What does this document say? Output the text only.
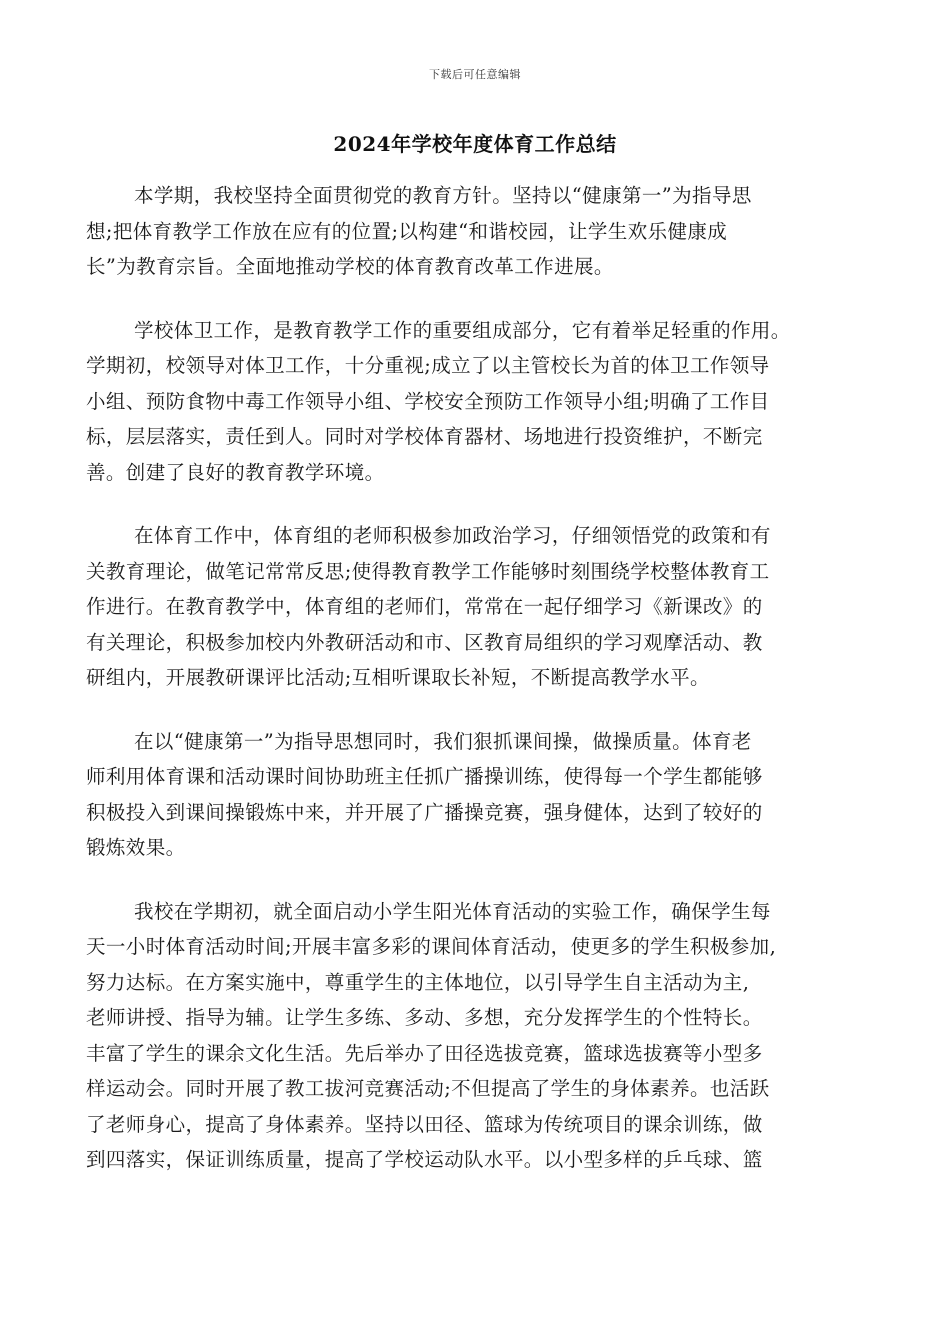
下载后可任意编辑
2024年学校年度体育工作总结
本学期，我校坚持全面贯彻党的教育方针。坚持以“健康第一”为指导思
想;把体育教学工作放在应有的位置;以构建“和谐校园，让学生欢乐健康成
长”为教育宗旨。全面地推动学校的体育教育改革工作进展。
学校体卫工作，是教育教学工作的重要组成部分，它有着举足轻重的作用。
学期初，校领导对体卫工作，十分重视;成立了以主管校长为首的体卫工作领导
小组、预防食物中毒工作领导小组、学校安全预防工作领导小组;明确了工作目
标，层层落实，责任到人。同时对学校体育器材、场地进行投资维护，不断完
善。创建了良好的教育教学环境。
在体育工作中，体育组的老师积极参加政治学习，仔细领悟党的政策和有
关教育理论，做笔记常常反思;使得教育教学工作能够时刻围绕学校整体教育工
作进行。在教育教学中，体育组的老师们，常常在一起仔细学习《新课改》的
有关理论，积极参加校内外教研活动和市、区教育局组织的学习观摩活动、教
研组内，开展教研课评比活动;互相听课取长补短，不断提高教学水平。
在以“健康第一”为指导思想同时，我们狠抓课间操，做操质量。体育老
师利用体育课和活动课时间协助班主任抓广播操训练，使得每一个学生都能够
积极投入到课间操锻炼中来，并开展了广播操竞赛，强身健体，达到了较好的
锻炼效果。
我校在学期初，就全面启动小学生阳光体育活动的实验工作，确保学生每
天一小时体育活动时间;开展丰富多彩的课间体育活动，使更多的学生积极参加,
努力达标。在方案实施中，尊重学生的主体地位，以引导学生自主活动为主,
老师讲授、指导为辅。让学生多练、多动、多想，充分发挥学生的个性特长。
丰富了学生的课余文化生活。先后举办了田径选拔竞赛，篮球选拔赛等小型多
样运动会。同时开展了教工拔河竞赛活动;不但提高了学生的身体素养。也活跃
了老师身心，提高了身体素养。坚持以田径、篮球为传统项目的课余训练，做
到四落实，保证训练质量，提高了学校运动队水平。以小型多样的乒乓球、篮
